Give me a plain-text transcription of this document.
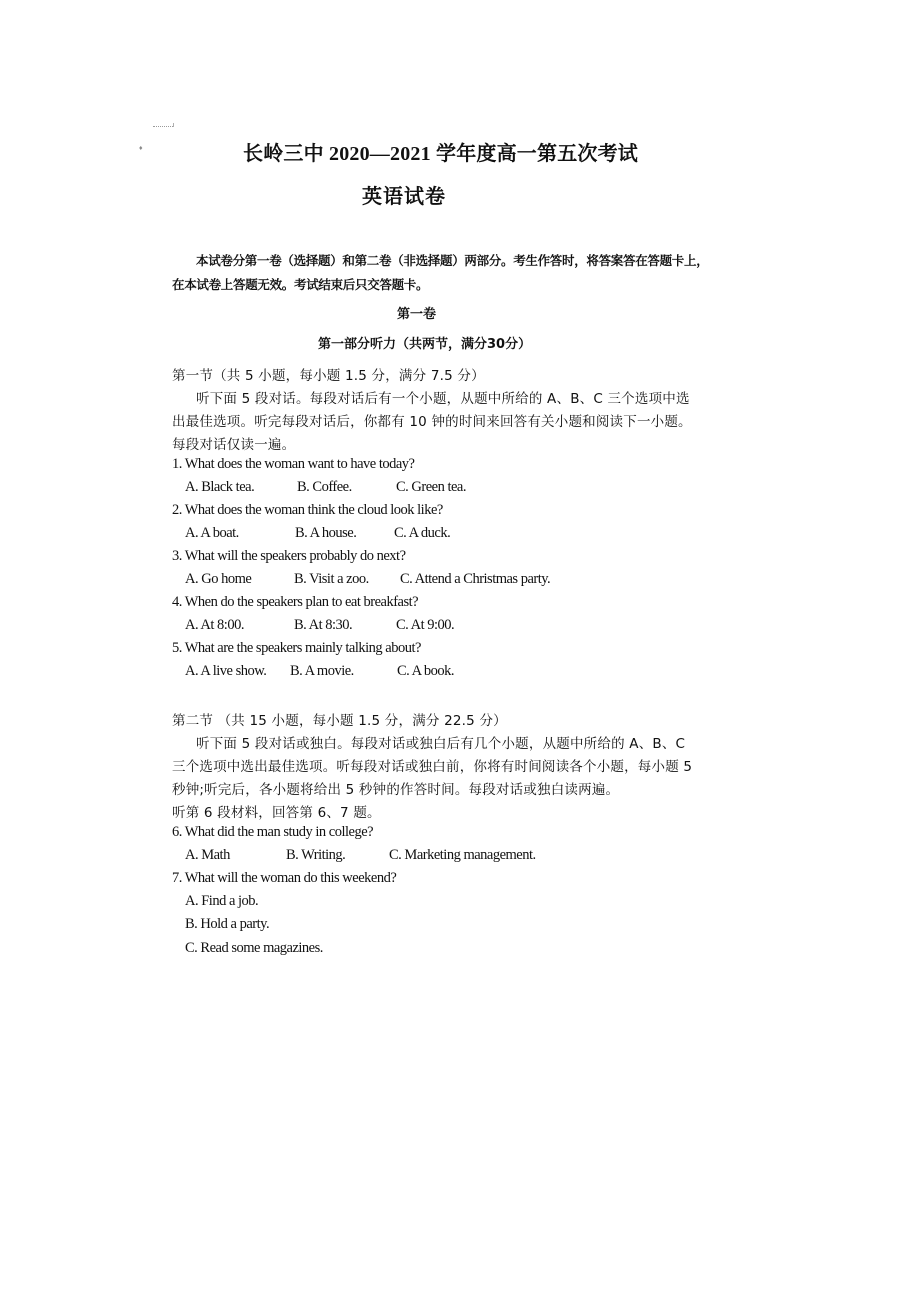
♦	长岭三中 2020—2021 学年度高一第五次考试
英语试卷
本试卷分第一卷（选择题）和第二卷（非选择题）两部分。考生作答时，将答案答在答题卡上，
在本试卷上答题无效。考试结束后只交答题卡。
第一卷
第一部分听力（共两节，满分30分）
第一节（共 5 小题，每小题 1.5 分，满分 7.5 分）
听下面 5 段对话。每段对话后有一个小题，从题中所给的 A、B、C 三个选项中选
出最佳选项。听完每段对话后，你都有 10 钟的时间来回答有关小题和阅读下一小题。
每段对话仅读一遍。
1. What does the woman want to have today?
A. Black tea.	B. Coffee.	C. Green tea.
2. What does the woman think the cloud look like?
A. A boat.	B. A house.	C. A duck.
3. What will the speakers probably do next?
A. Go home	B. Visit a zoo. C. Attend a Christmas party.
4. When do the speakers plan to eat breakfast?
A. At 8:00.	B. At 8:30.	C. At 9:00.
5. What are the speakers mainly talking about?
A. A live show. B. A movie.	C. A book.
第二节 （共 15 小题，每小题 1.5 分，满分 22.5 分）
听下面 5 段对话或独白。每段对话或独白后有几个小题，从题中所给的 A、B、C
三个选项中选出最佳选项。听每段对话或独白前，你将有时间阅读各个小题，每小题 5
秒钟;听完后，各小题将给出 5 秒钟的作答时间。每段对话或独白读两遍。
听第 6 段材料，回答第 6、7 题。
6. What did the man study in college?
A. Math	B. Writing.	C. Marketing management.
7. What will the woman do this weekend?
A. Find a job.
B. Hold a party.
C. Read some magazines.
